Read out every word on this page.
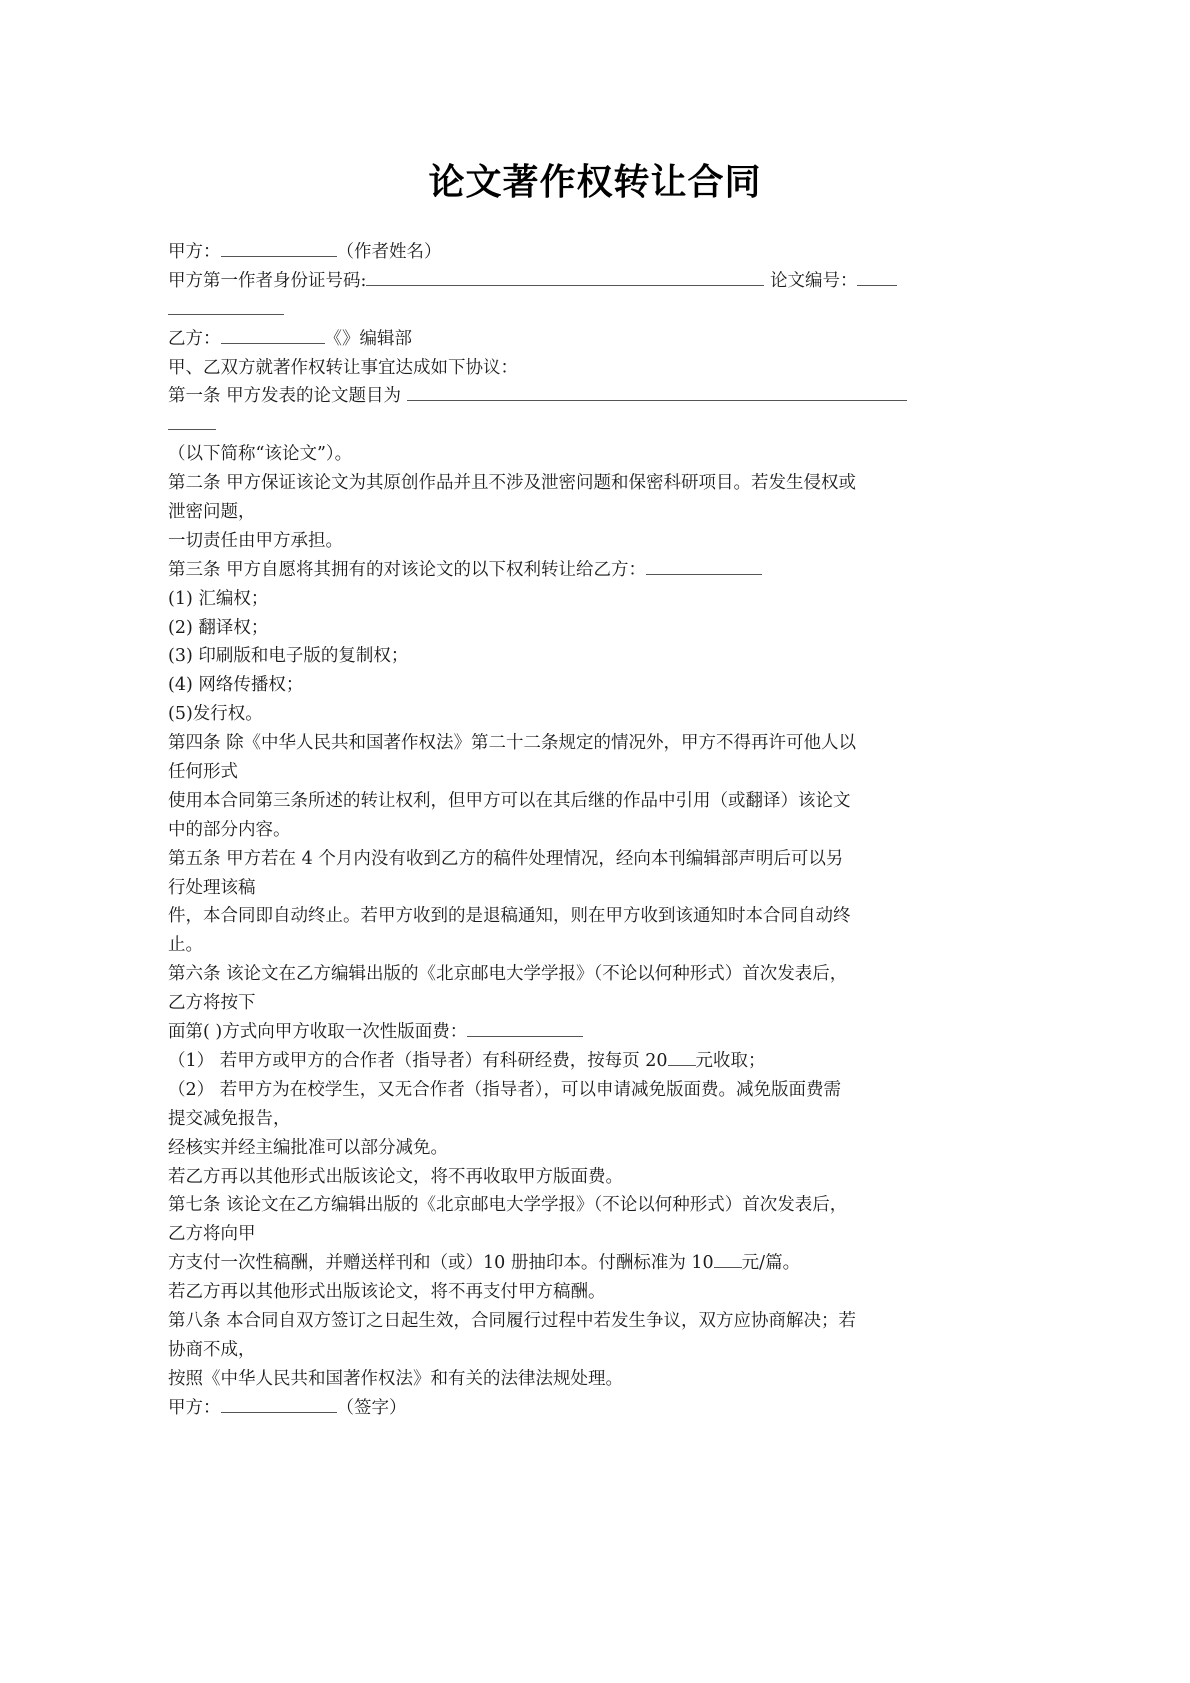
论文著作权转让合同
甲方：	（作者姓名）
甲方第一作者身份证号码:	论文编号：
乙方：	《》编辑部
甲、乙双方就著作权转让事宜达成如下协议：
第一条 甲方发表的论文题目为
（以下简称“该论文”）。
第二条 甲方保证该论文为其原创作品并且不涉及泄密问题和保密科研项目。若发生侵权或
泄密问题，
一切责任由甲方承担。
第三条 甲方自愿将其拥有的对该论文的以下权利转让给乙方：
(1) 汇编权；
(2) 翻译权；
(3) 印刷版和电子版的复制权；
(4) 网络传播权；
(5)发行权。
第四条 除《中华人民共和国著作权法》第二十二条规定的情况外，甲方不得再许可他人以
任何形式
使用本合同第三条所述的转让权利，但甲方可以在其后继的作品中引用（或翻译）该论文
中的部分内容。
第五条 甲方若在 4 个月内没有收到乙方的稿件处理情况，经向本刊编辑部声明后可以另
行处理该稿
件，本合同即自动终止。若甲方收到的是退稿通知，则在甲方收到该通知时本合同自动终
止。
第六条 该论文在乙方编辑出版的《北京邮电大学学报》（不论以何种形式）首次发表后，
乙方将按下
面第( )方式向甲方收取一次性版面费：
（1） 若甲方或甲方的合作者（指导者）有科研经费，按每页 20 元收取；
（2） 若甲方为在校学生，又无合作者（指导者），可以申请减免版面费。减免版面费需
提交减免报告，
经核实并经主编批准可以部分减免。
若乙方再以其他形式出版该论文，将不再收取甲方版面费。
第七条 该论文在乙方编辑出版的《北京邮电大学学报》（不论以何种形式）首次发表后，
乙方将向甲
方支付一次性稿酬，并赠送样刊和（或）10 册抽印本。付酬标准为 10 元/篇。
若乙方再以其他形式出版该论文，将不再支付甲方稿酬。
第八条 本合同自双方签订之日起生效，合同履行过程中若发生争议，双方应协商解决；若
协商不成，
按照《中华人民共和国著作权法》和有关的法律法规处理。
甲方：	（签字）
